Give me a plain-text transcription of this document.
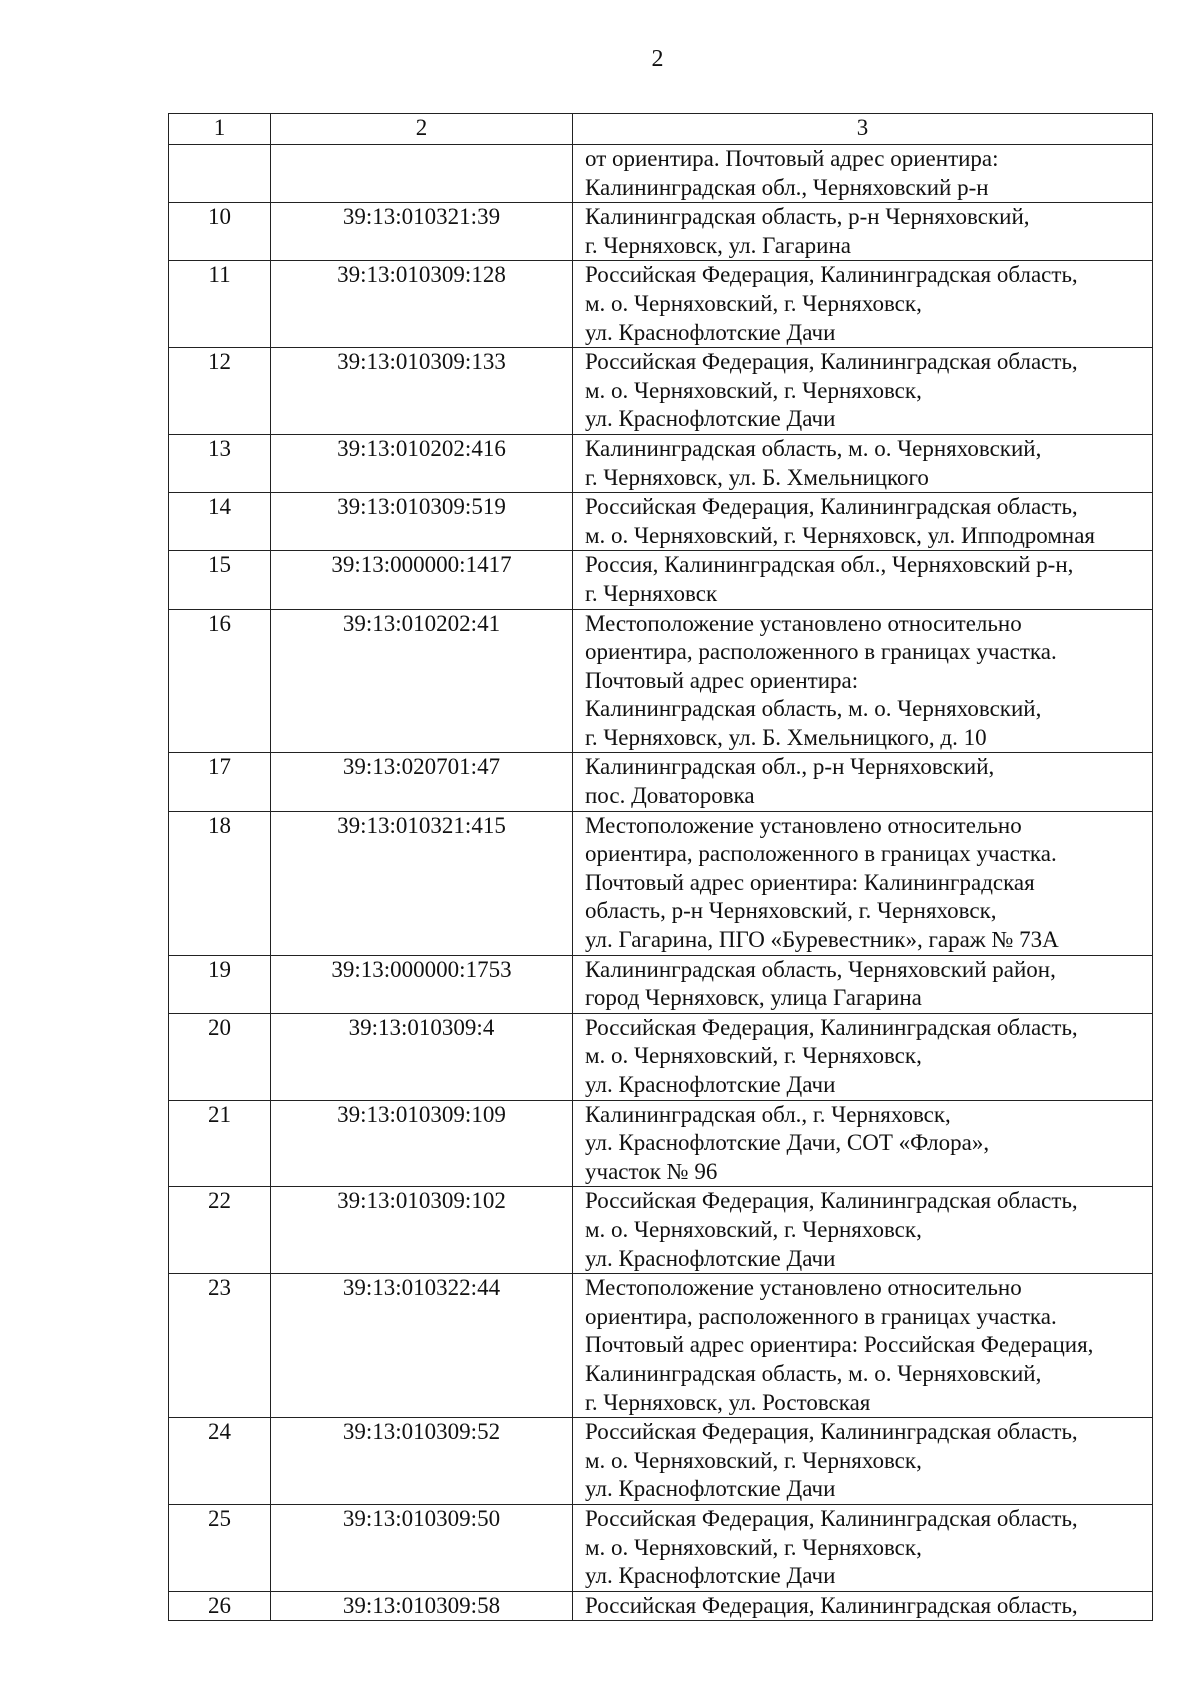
2
1	2	3

		от ориентира. Почтовый адрес ориентира:
Калининградская обл., Черняховский р-н

10	39:13:010321:39	Калининградская область, р-н Черняховский,
г. Черняховск, ул. Гагарина

11	39:13:010309:128	Российская Федерация, Калининградская область,
м. о. Черняховский, г. Черняховск,
ул. Краснофлотские Дачи

12	39:13:010309:133	Российская Федерация, Калининградская область,
м. о. Черняховский, г. Черняховск,
ул. Краснофлотские Дачи

13	39:13:010202:416	Калининградская область, м. о. Черняховский,
г. Черняховск, ул. Б. Хмельницкого

14	39:13:010309:519	Российская Федерация, Калининградская область,
м. о. Черняховский, г. Черняховск, ул. Ипподромная

15	39:13:000000:1417	Россия, Калининградская обл., Черняховский р-н,
г. Черняховск

16	39:13:010202:41	Местоположение установлено относительно
ориентира, расположенного в границах участка.
Почтовый адрес ориентира:
Калининградская область, м. о. Черняховский,
г. Черняховск, ул. Б. Хмельницкого, д. 10

17	39:13:020701:47	Калининградская обл., р-н Черняховский,
пос. Доваторовка

18	39:13:010321:415	Местоположение установлено относительно
ориентира, расположенного в границах участка.
Почтовый адрес ориентира: Калининградская
область, р-н Черняховский, г. Черняховск,
ул. Гагарина, ПГО «Буревестник», гараж № 73А

19	39:13:000000:1753	Калининградская область, Черняховский район,
город Черняховск, улица Гагарина

20	39:13:010309:4	Российская Федерация, Калининградская область,
м. о. Черняховский, г. Черняховск,
ул. Краснофлотские Дачи

21	39:13:010309:109	Калининградская обл., г. Черняховск,
ул. Краснофлотские Дачи, СОТ «Флора»,
участок № 96

22	39:13:010309:102	Российская Федерация, Калининградская область,
м. о. Черняховский, г. Черняховск,
ул. Краснофлотские Дачи

23	39:13:010322:44	Местоположение установлено относительно
ориентира, расположенного в границах участка.
Почтовый адрес ориентира: Российская Федерация,
Калининградская область, м. о. Черняховский,
г. Черняховск, ул. Ростовская

24	39:13:010309:52	Российская Федерация, Калининградская область,
м. о. Черняховский, г. Черняховск,
ул. Краснофлотские Дачи

25	39:13:010309:50	Российская Федерация, Калининградская область,
м. о. Черняховский, г. Черняховск,
ул. Краснофлотские Дачи

26	39:13:010309:58	Российская Федерация, Калининградская область,
